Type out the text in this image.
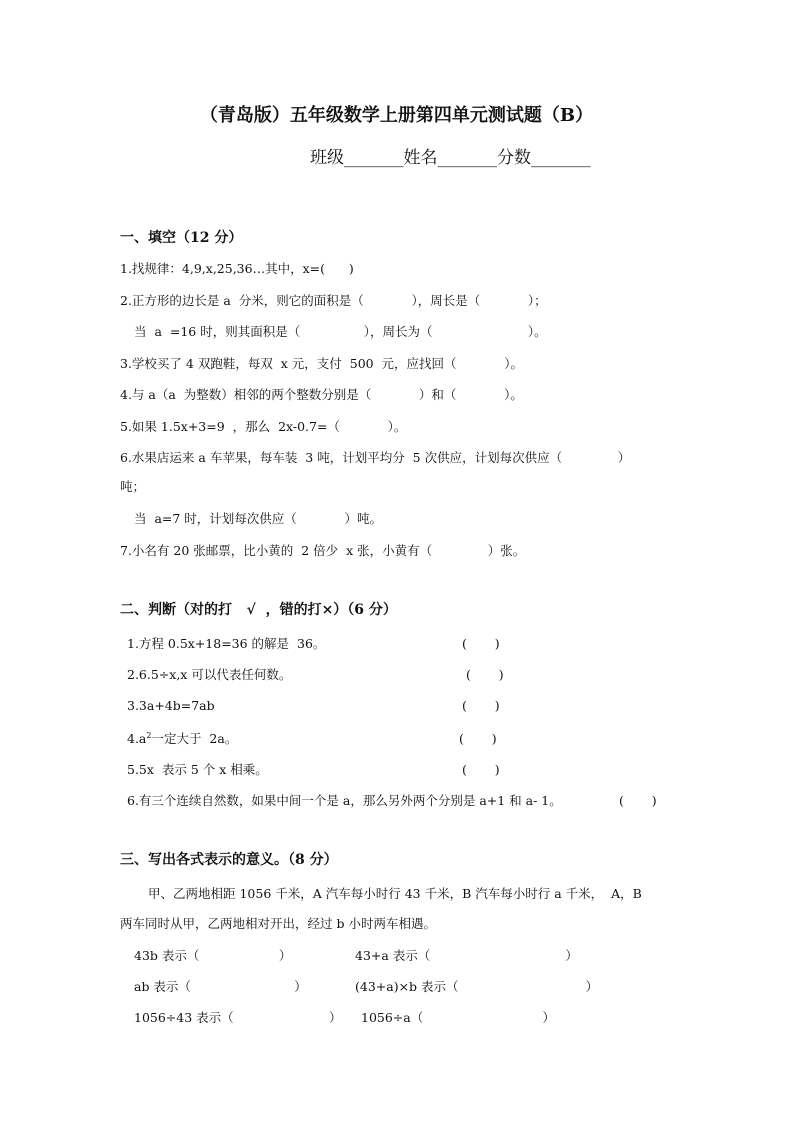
（青岛版）五年级数学上册第四单元测试题（B）
班级_______姓名_______分数_______
一、填空（12 分）
1.找规律：4,9,x,25,36…其中，x=(      )
2.正方形的边长是 a  分米，则它的面积是（            ），周长是（            ）；
当  a  =16 时，则其面积是（                ），周长为（                        ）。
3.学校买了 4 双跑鞋，每双  x 元，支付  500  元，应找回（            ）。
4.与 a（a  为整数）相邻的两个整数分别是（            ）和（            ）。
5.如果 1.5x+3=9  ，那么  2x-0.7=（            ）。
6.水果店运来 a 车苹果，每车装  3 吨，计划平均分  5 次供应，计划每次供应（              ）
吨；
当  a=7 时，计划每次供应（            ）吨。
7.小名有 20 张邮票，比小黄的  2 倍少  x 张，小黄有（              ）张。
二、判断（对的打   √  ，错的打×）（6 分）
1.方程 0.5x+18=36 的解是  36。	(       )
2.6.5÷x,x 可以代表任何数。	(       )
3.3a+4b=7ab	(       )
$4.a^2$一定大于  2a。	(       )
5.5x  表示 5 个 x 相乘。	(       )
6.有三个连续自然数，如果中间一个是 a，那么另外两个分别是 a+1 和 a- 1。	(       )
三、写出各式表示的意义。（8 分）
甲、乙两地相距 1056 千米，A 汽车每小时行 43 千米，B 汽车每小时行 a 千米，  A，B
两车同时从甲，乙两地相对开出，经过 b 小时两车相遇。
43b 表示（                    ）	43+a 表示（                                  ）
ab 表示（                          ）	(43+a)×b 表示（                                ）
1056÷43 表示（                        ） 1056÷a（                              ）
